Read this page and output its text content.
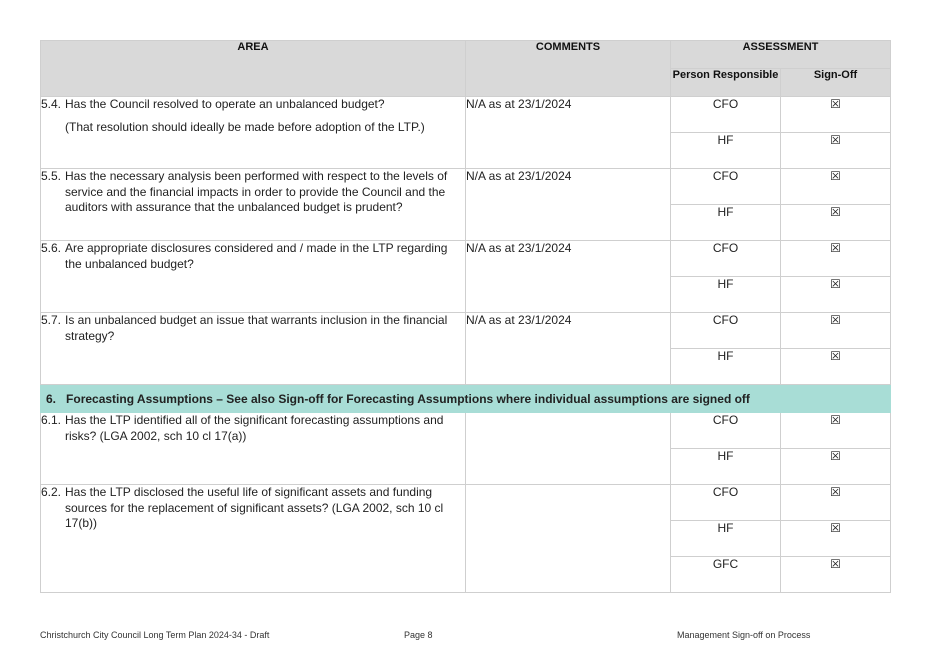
AREA	COMMENTS	ASSESSMENT	
		Person Responsible	Sign-Off

5.4. Has the Council resolved to operate an unbalanced budget?
(That resolution should ideally be made before adoption of the LTP.)	N/A as at 23/1/2024	CFO	☒
		HF	☒

5.5. Has the necessary analysis been performed with respect to the levels of service and the financial impacts in order to provide the Council and the auditors with assurance that the unbalanced budget is prudent?	N/A as at 23/1/2024	CFO	☒
		HF	☒

5.6. Are appropriate disclosures considered and / made in the LTP regarding the unbalanced budget?	N/A as at 23/1/2024	CFO	☒
		HF	☒

5.7. Is an unbalanced budget an issue that warrants inclusion in the financial strategy?	N/A as at 23/1/2024	CFO	☒
		HF	☒
6. Forecasting Assumptions – See also Sign-off for Forecasting Assumptions where individual assumptions are signed off			

6.1. Has the LTP identified all of the significant forecasting assumptions and risks? (LGA 2002, sch 10 cl 17(a))		CFO	☒
		HF	☒

6.2. Has the LTP disclosed the useful life of significant assets and funding sources for the replacement of significant assets? (LGA 2002, sch 10 cl 17(b))		CFO	☒
		HF	☒
		GFC	☒
Christchurch City Council Long Term Plan 2024-34 - Draft	Page 8	Management Sign-off on Process
